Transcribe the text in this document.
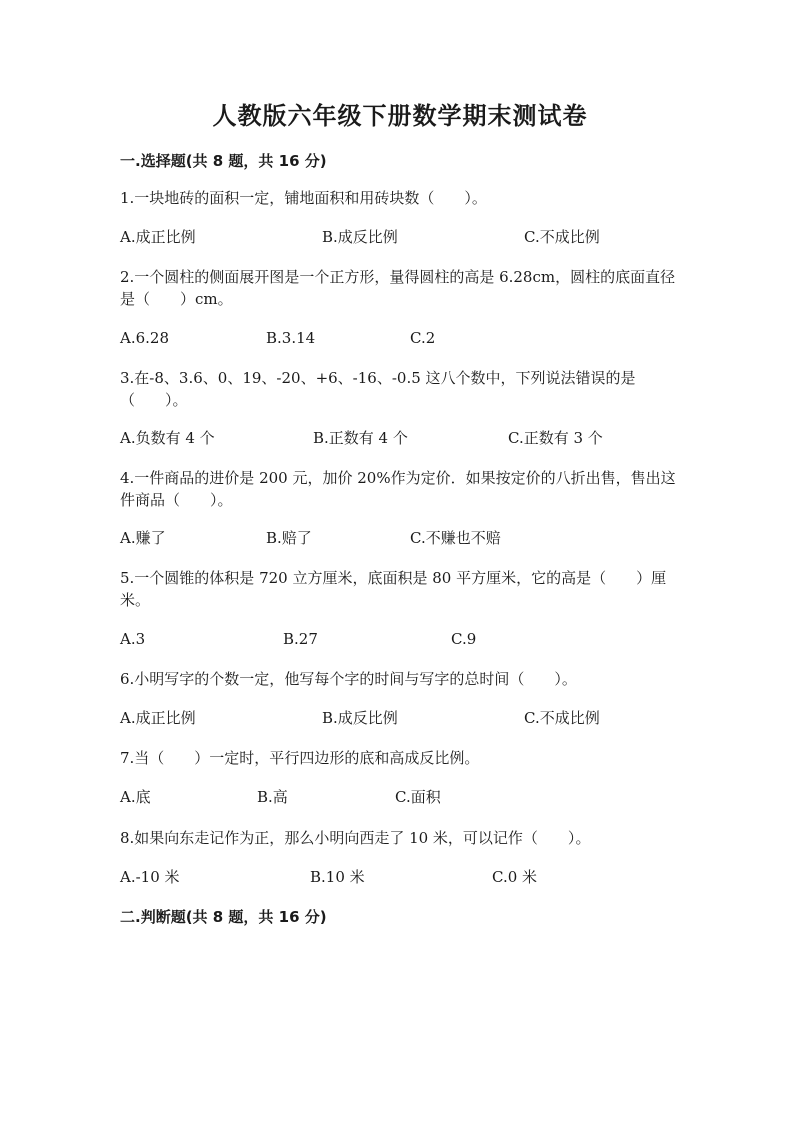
人教版六年级下册数学期末测试卷
一.选择题(共 8 题，共 16 分)
1.一块地砖的面积一定，铺地面积和用砖块数（　　）。
A.成正比例	B.成反比例	C.不成比例
2.一个圆柱的侧面展开图是一个正方形，量得圆柱的高是 6.28cm，圆柱的底面直径是（　　）cm。
A.6.28	B.3.14	C.2
3.在-8、3.6、0、19、-20、+6、-16、-0.5 这八个数中，下列说法错误的是（　　）。
A.负数有 4 个	B.正数有 4 个	C.正数有 3 个
4.一件商品的进价是 200 元，加价 20%作为定价．如果按定价的八折出售，售出这件商品（　　）。
A.赚了	B.赔了	C.不赚也不赔
5.一个圆锥的体积是 720 立方厘米，底面积是 80 平方厘米，它的高是（　　）厘米。
A.3	B.27	C.9
6.小明写字的个数一定，他写每个字的时间与写字的总时间（　　）。
A.成正比例	B.成反比例	C.不成比例
7.当（　　）一定时，平行四边形的底和高成反比例。
A.底	B.高	C.面积
8.如果向东走记作为正，那么小明向西走了 10 米，可以记作（　　）。
A.-10 米	B.10 米	C.0 米
二.判断题(共 8 题，共 16 分)
